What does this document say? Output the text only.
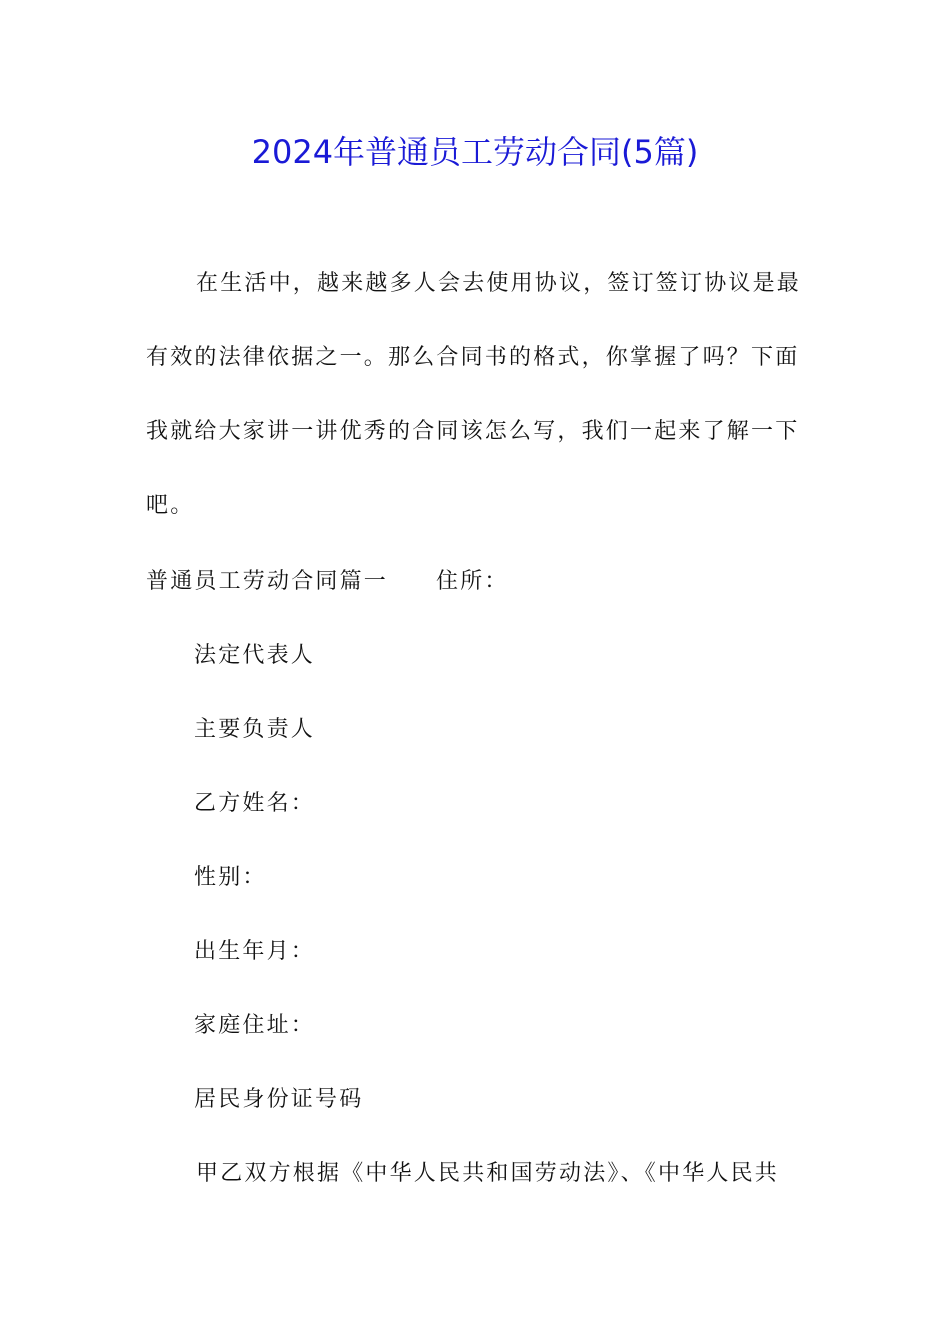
2024年普通员工劳动合同(5篇)
在生活中，越来越多人会去使用协议，签订签订协议是最
有效的法律依据之一。那么合同书的格式，你掌握了吗？下面
我就给大家讲一讲优秀的合同该怎么写，我们一起来了解一下
吧。
普通员工劳动合同篇一 住所：
法定代表人
主要负责人
乙方姓名：
性别：
出生年月：
家庭住址：
居民身份证号码
甲乙双方根据《中华人民共和国劳动法》、《中华人民共
